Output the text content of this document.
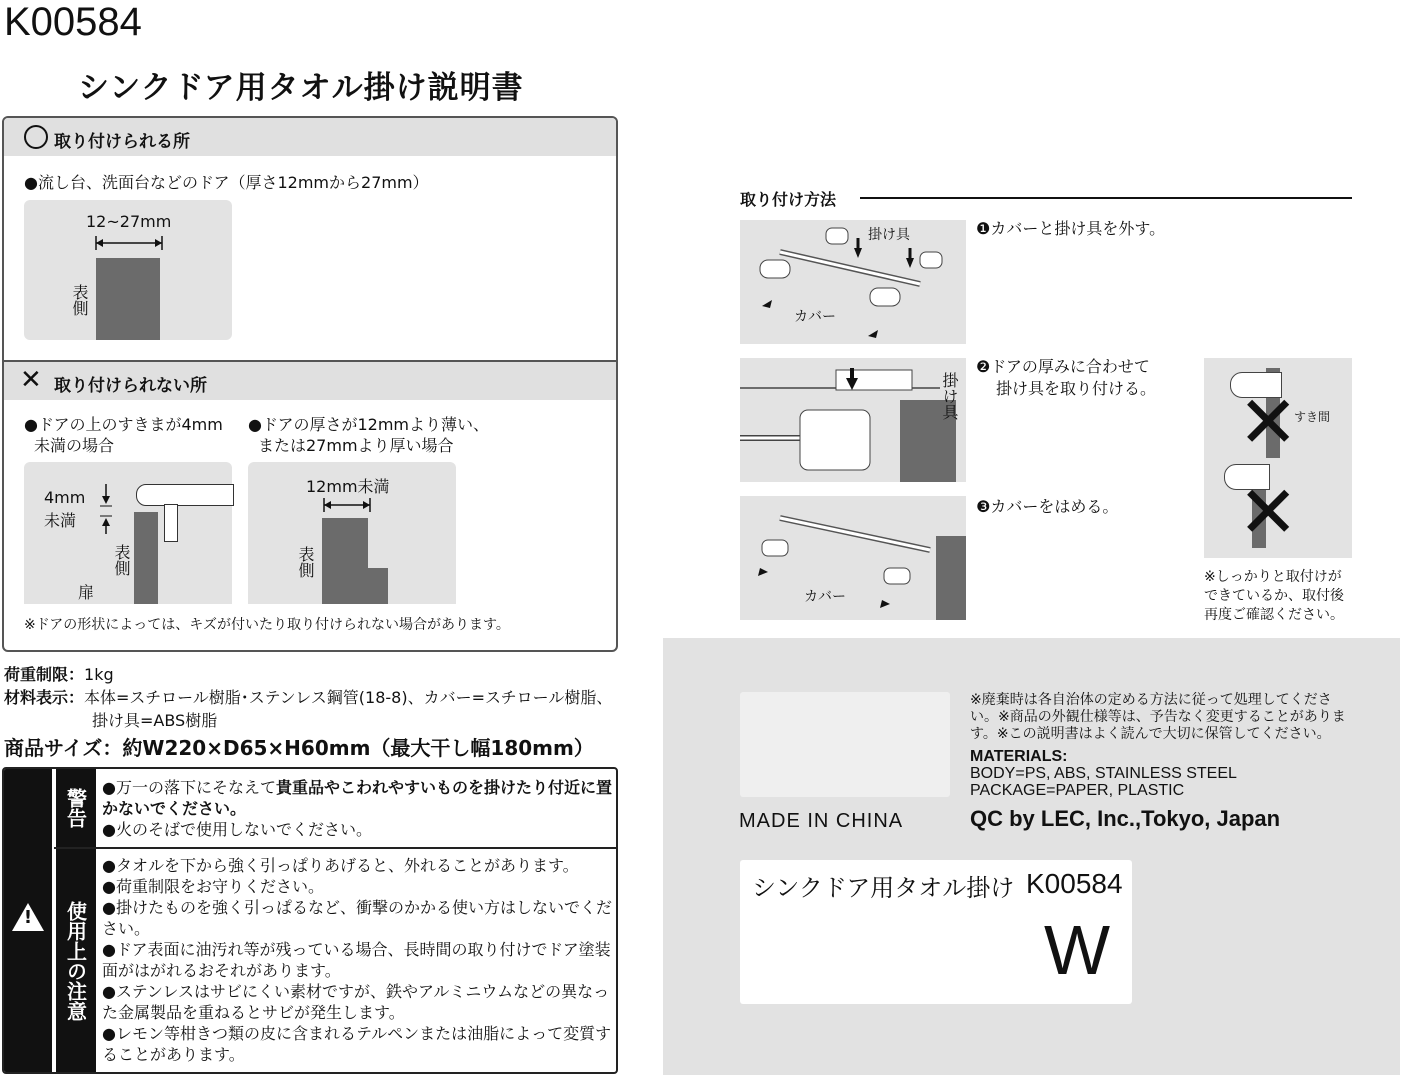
K00584
シンクドア用タオル掛け説明書
取り付けられる所
●流し台、洗面台などのドア（厚さ12mmから27mm）
12~27mm
表側
✕ 取り付けられない所
●ドアの上のすきまが4mm
未満の場合
●ドアの厚さが12mmより薄い、
または27mmより厚い場合
4mm
未満
表側
扉
12mm未満
表側
※ドアの形状によっては、キズが付いたり取り付けられない場合があります。
荷重制限：1kg
材料表示：本体=スチロール樹脂･ステンレス鋼管(18-8)、カバー=スチロール樹脂、
掛け具=ABS樹脂
商品サイズ：約W220×D65×H60mm（最大干し幅180mm）
!
警告
使用上の注意
●万一の落下にそなえて貴重品やこわれやすいものを掛けたり付近に置かないでください。
●火のそばで使用しないでください。
●タオルを下から強く引っぱりあげると、外れることがあります。
●荷重制限をお守りください。
●掛けたものを強く引っぱるなど、衝撃のかかる使い方はしないでください。
●ドア表面に油汚れ等が残っている場合、長時間の取り付けでドア塗装面がはがれるおそれがあります。
●ステンレスはサビにくい素材ですが、鉄やアルミニウムなどの異なった金属製品を重ねるとサビが発生します。
●レモン等柑きつ類の皮に含まれるテルペンまたは油脂によって変質することがあります。
取り付け方法
掛け具
カバー
❶カバーと掛け具を外す。
掛け具
❷ドアの厚みに合わせて
掛け具を取り付ける。
カバー
❸カバーをはめる。
✕
すき間
✕
※しっかりと取付けが
できているか、取付後
再度ご確認ください。
MADE IN CHINA
※廃棄時は各自治体の定める方法に従って処理してください。※商品の外観仕様等は、予告なく変更することがあります。※この説明書はよく読んで大切に保管してください。
MATERIALS:
BODY=PS, ABS, STAINLESS STEEL
PACKAGE=PAPER, PLASTIC
QC by LEC, Inc.,Tokyo, Japan
シンクドア用タオル掛け K00584
W
